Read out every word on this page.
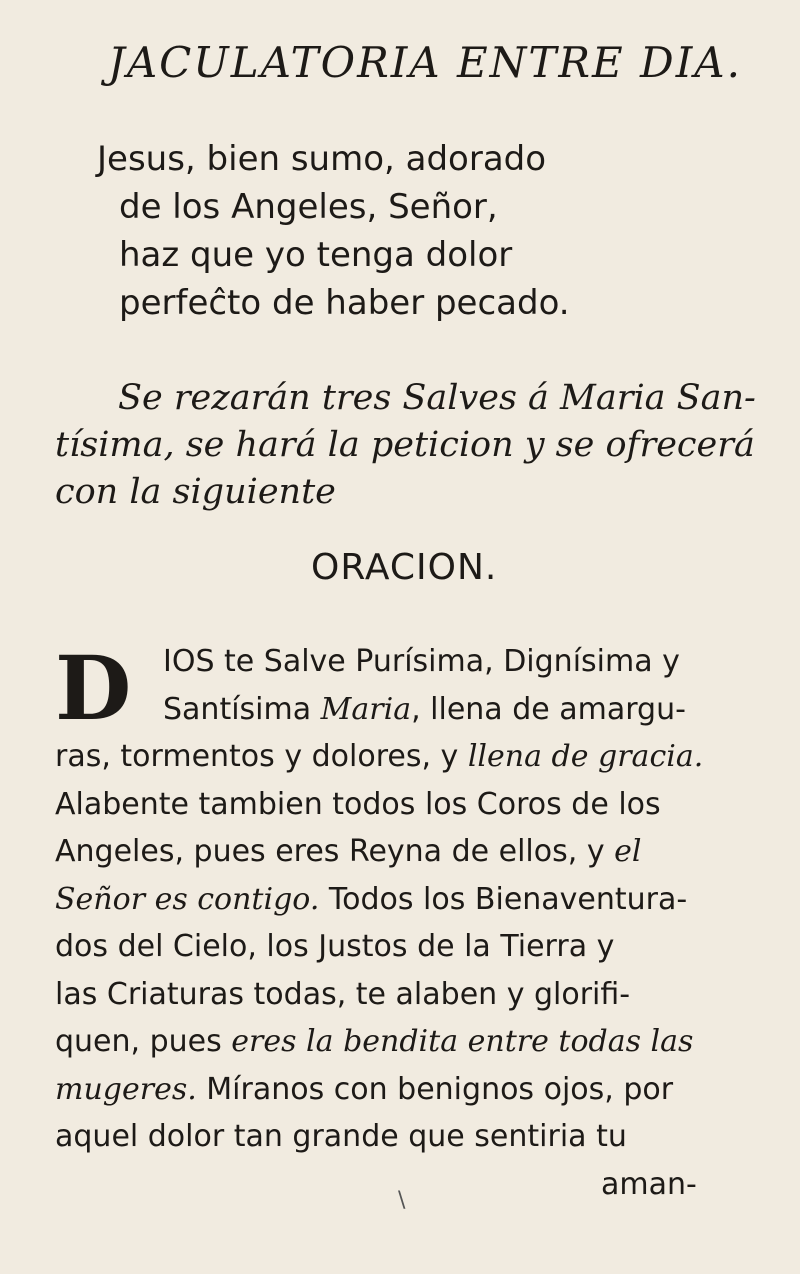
JACULATORIA ENTRE DIA.
Jesus, bien sumo, adorado
de los Angeles, Señor,
haz que yo tenga dolor
perfeĉto de haber pecado.
Se rezarán tres Salves á Maria San-
tísima, se hará la peticion y se ofrecerá
con la siguiente
ORACION.
D	IOS te Salve Purísima, Dignísima y
Santísima Maria, llena de amargu-
ras, tormentos y dolores, y llena de gracia.
Alabente tambien todos los Coros de los
Angeles, pues eres Reyna de ellos, y el
Señor es contigo. Todos los Bienaventura-
dos del Cielo, los Justos de la Tierra y
las Criaturas todas, te alaben y glorifi-
quen, pues eres la bendita entre todas las
mugeres. Míranos con benignos ojos, por
aquel dolor tan grande que sentiria tu
aman-
\
